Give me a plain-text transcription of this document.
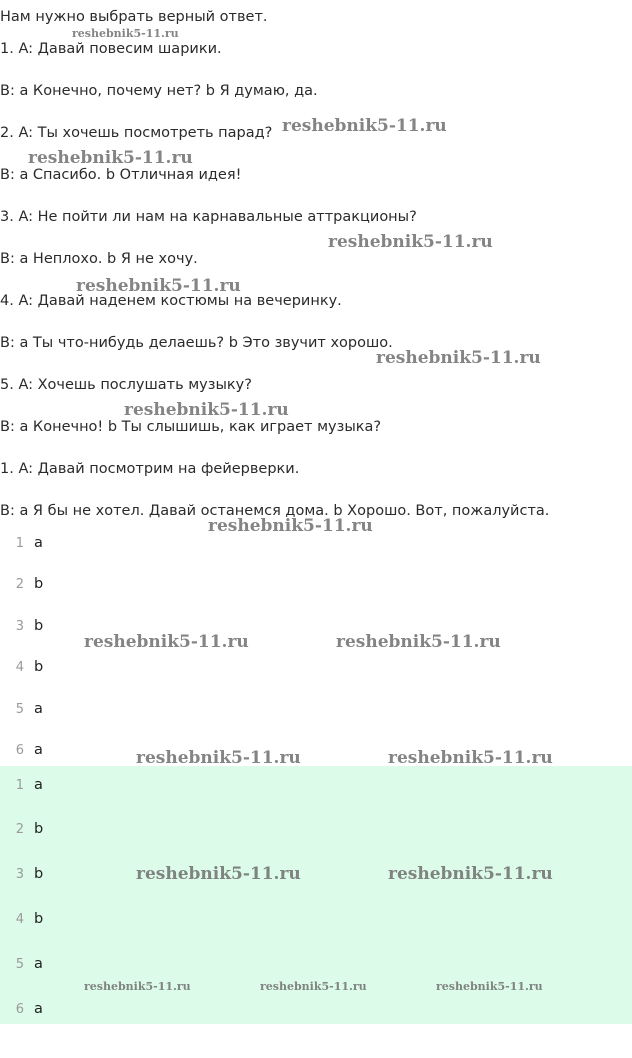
Нам нужно выбрать верный ответ.
1. A: Давай повесим шарики.
B: a Конечно, почему нет? b Я думаю, да.
2. A: Ты хочешь посмотреть парад?
B: a Спасибо. b Отличная идея!
3. A: Не пойти ли нам на карнавальные аттракционы?
B: a Неплохо. b Я не хочу.
4. A: Давай наденем костюмы на вечеринку.
B: a Ты что-нибудь делаешь? b Это звучит хорошо.
5. A: Хочешь послушать музыку?
B: a Конечно! b Ты слышишь, как играет музыка?
1. A: Давай посмотрим на фейерверки.
B: a Я бы не хотел. Давай останемся дома. b Хорошо. Вот, пожалуйста.
1 a
2 b
3 b
4 b
5 a
6 a
1 a
2 b
3 b
4 b
5 a
6 a
reshebnik5-11.ru
reshebnik5-11.ru
reshebnik5-11.ru
reshebnik5-11.ru
reshebnik5-11.ru
reshebnik5-11.ru
reshebnik5-11.ru
reshebnik5-11.ru
reshebnik5-11.ru	reshebnik5-11.ru
reshebnik5-11.ru	reshebnik5-11.ru
reshebnik5-11.ru	reshebnik5-11.ru
reshebnik5-11.ru	reshebnik5-11.ru	reshebnik5-11.ru
